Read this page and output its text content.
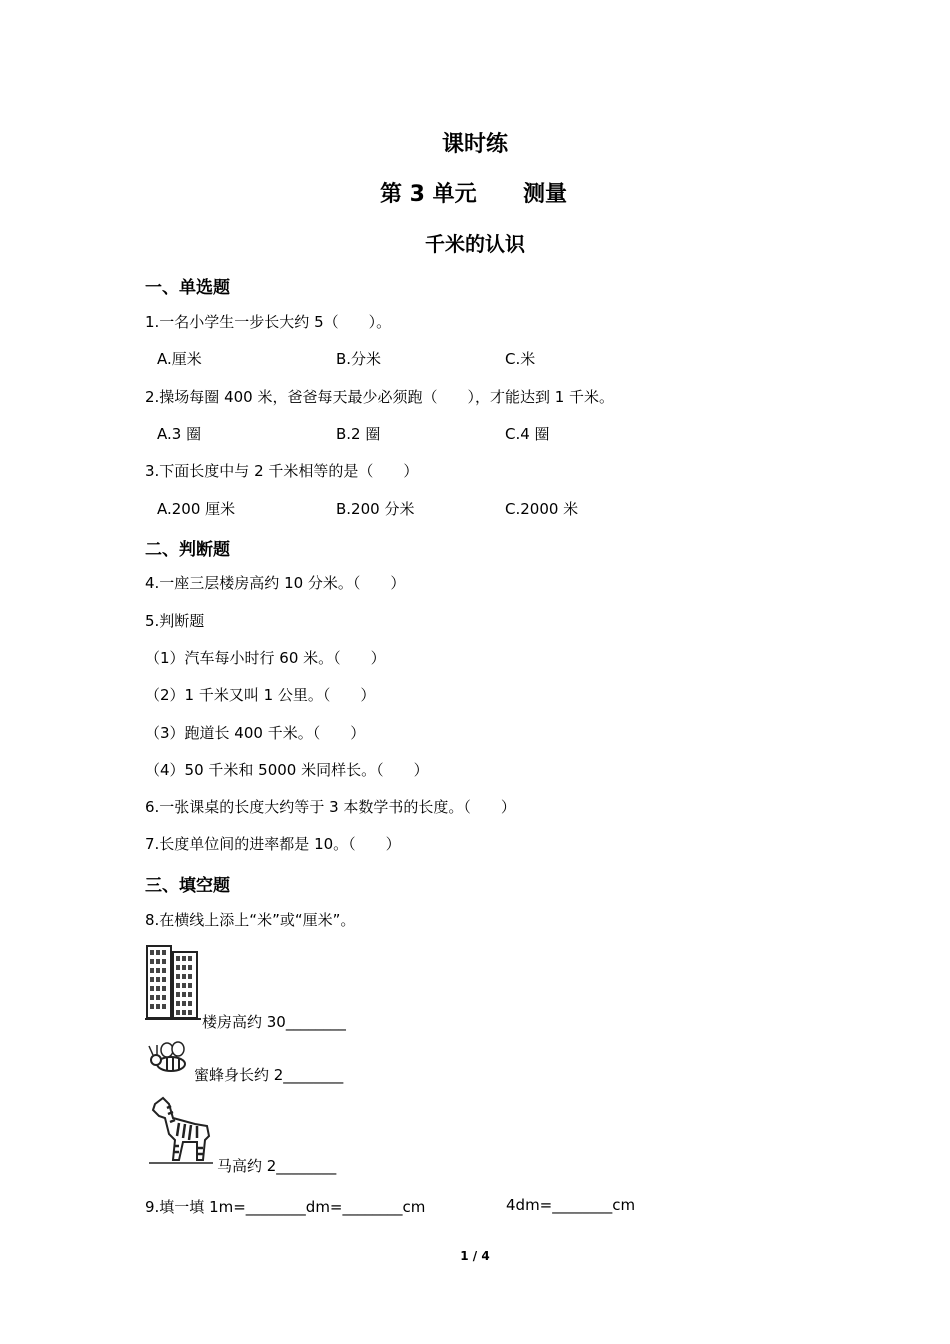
课时练
第 3 单元 测量
千米的认识
一、单选题
1.一名小学生一步长大约 5（　　）。
A.厘米	B.分米	C.米
2.操场每圈 400 米，爸爸每天最少必须跑（　　），才能达到 1 千米。
A.3 圈	B.2 圈	C.4 圈
3.下面长度中与 2 千米相等的是（　　）
A.200 厘米	B.200 分米	C.2000 米
二、判断题
4.一座三层楼房高约 10 分米。（　　）
5.判断题
（1）汽车每小时行 60 米。（　　）
（2）1 千米又叫 1 公里。（　　）
（3）跑道长 400 千米。（　　）
（4）50 千米和 5000 米同样长。（　　）
6.一张课桌的长度大约等于 3 本数学书的长度。（　　）
7.长度单位间的进率都是 10。（　　）
三、填空题
8.在横线上添上“米”或“厘米”。
楼房高约 30________
蜜蜂身长约 2________
马高约 2________
9.填一填 1m=________dm=________cm	4dm=________cm
1 / 4
